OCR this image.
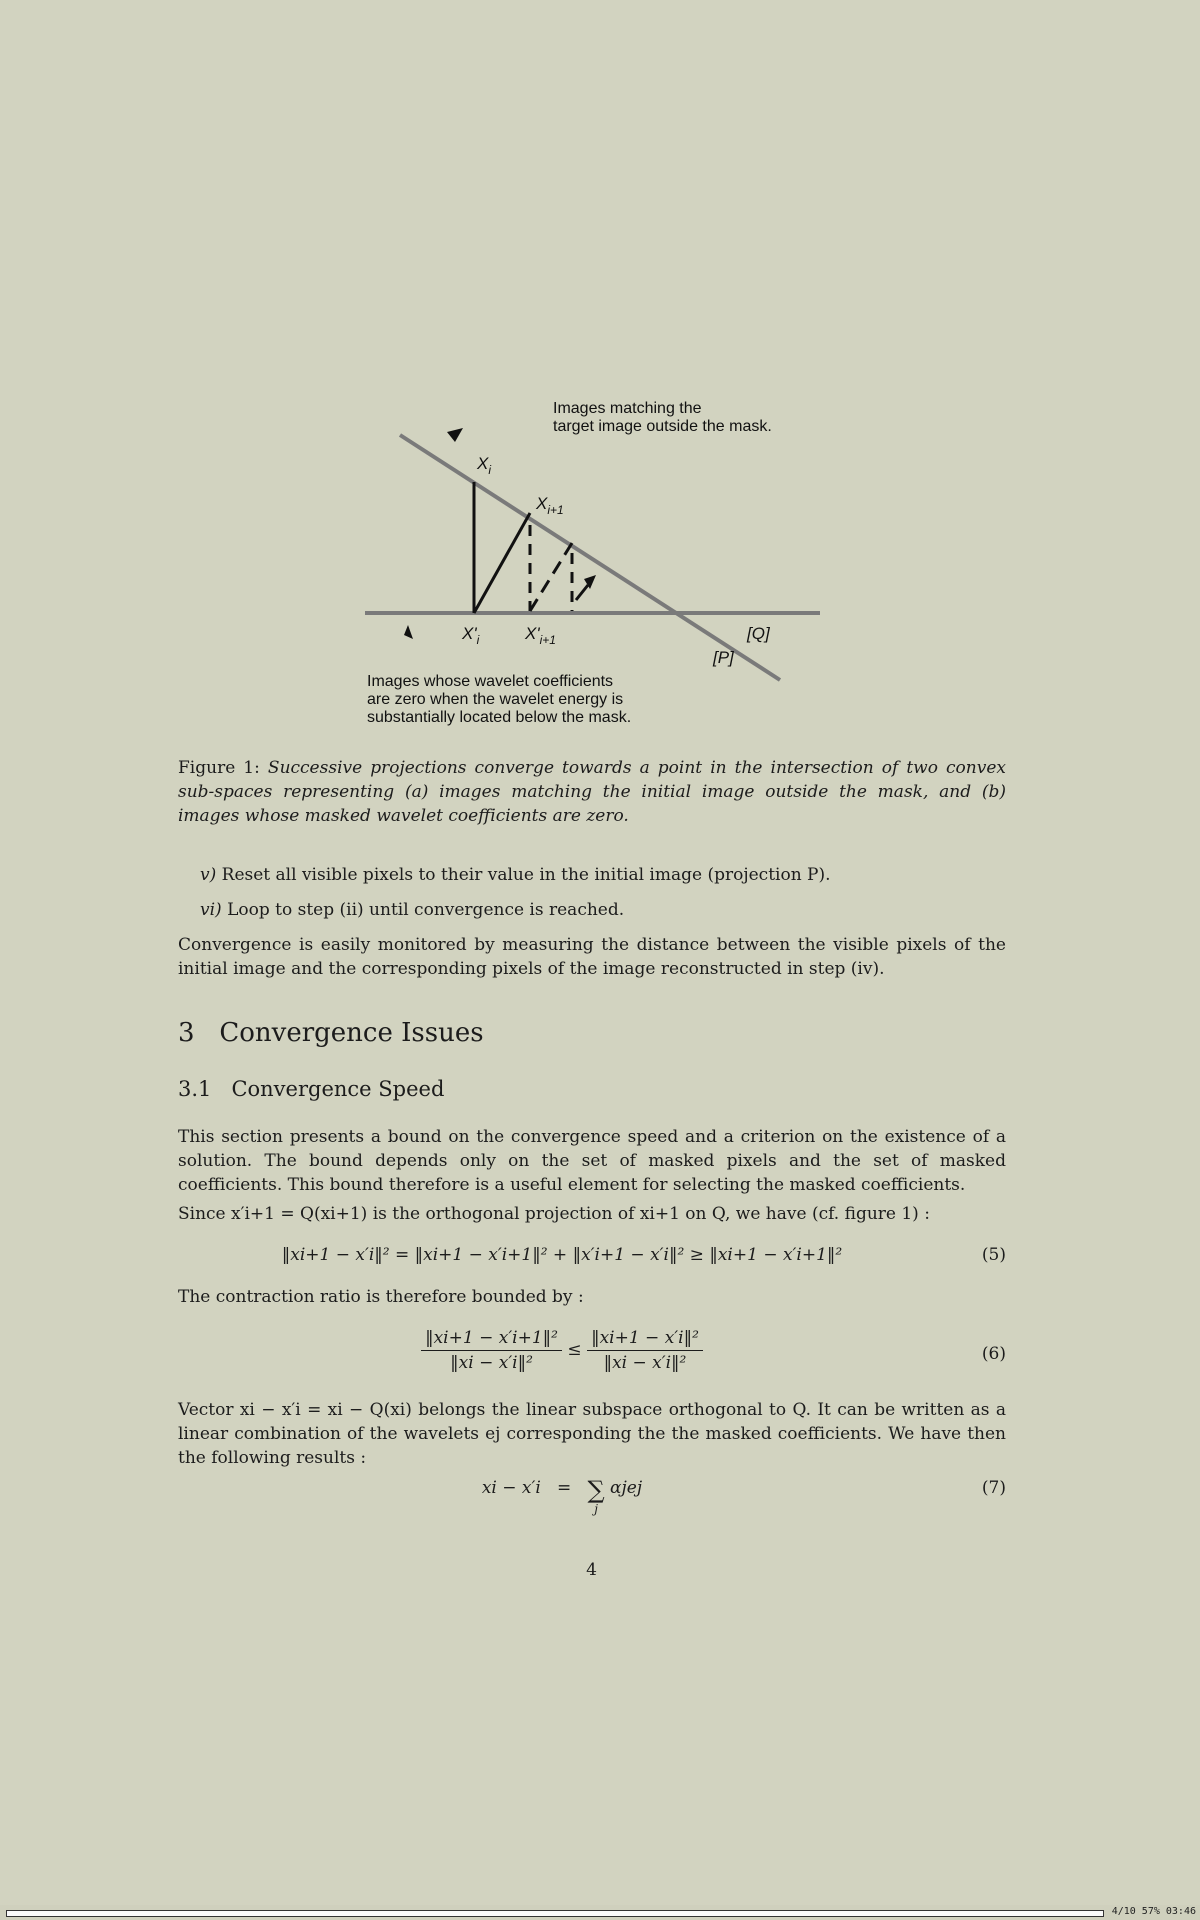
Images matching the
target image outside the mask.
$X_i$
$X_{i+1}$
$X'_i$	$X'_{i+1}$	[Q]
[P]
Images whose wavelet coefficients
are zero when the wavelet energy is
substantially located below the mask.
Figure 1: Successive projections converge towards a point in the intersection of two convex sub-spaces representing (a) images matching the initial image outside the mask, and (b) images whose masked wavelet coefficients are zero.
v) Reset all visible pixels to their value in the initial image (projection P).
vi) Loop to step (ii) until convergence is reached.
Convergence is easily monitored by measuring the distance between the visible pixels of the initial image and the corresponding pixels of the image reconstructed in step (iv).
3 Convergence Issues
3.1 Convergence Speed
This section presents a bound on the convergence speed and a criterion on the existence of a solution. The bound depends only on the set of masked pixels and the set of masked coefficients. This bound therefore is a useful element for selecting the masked coefficients.
Since x′i+1 = Q(xi+1) is the orthogonal projection of xi+1 on Q, we have (cf. figure 1) :
‖xi+1 − x′i‖² = ‖xi+1 − x′i+1‖² + ‖x′i+1 − x′i‖² ≥ ‖xi+1 − x′i+1‖²	(5)
The contraction ratio is therefore bounded by :
$\frac{\text{‖xi+1 − x′i+1‖²}}{\text{‖xi − x′i‖²}} \le \frac{\text{‖xi+1 − x′i‖²}}{\text{‖xi − x′i‖²}}$	(6)
Vector xi − x′i = xi − Q(xi) belongs the linear subspace orthogonal to Q. It can be written as a linear combination of the wavelets ej corresponding the the masked coefficients. We have then the following results :
xi − x′i = ∑
j
αjej	(7)
4
4/10 57% 03:46
